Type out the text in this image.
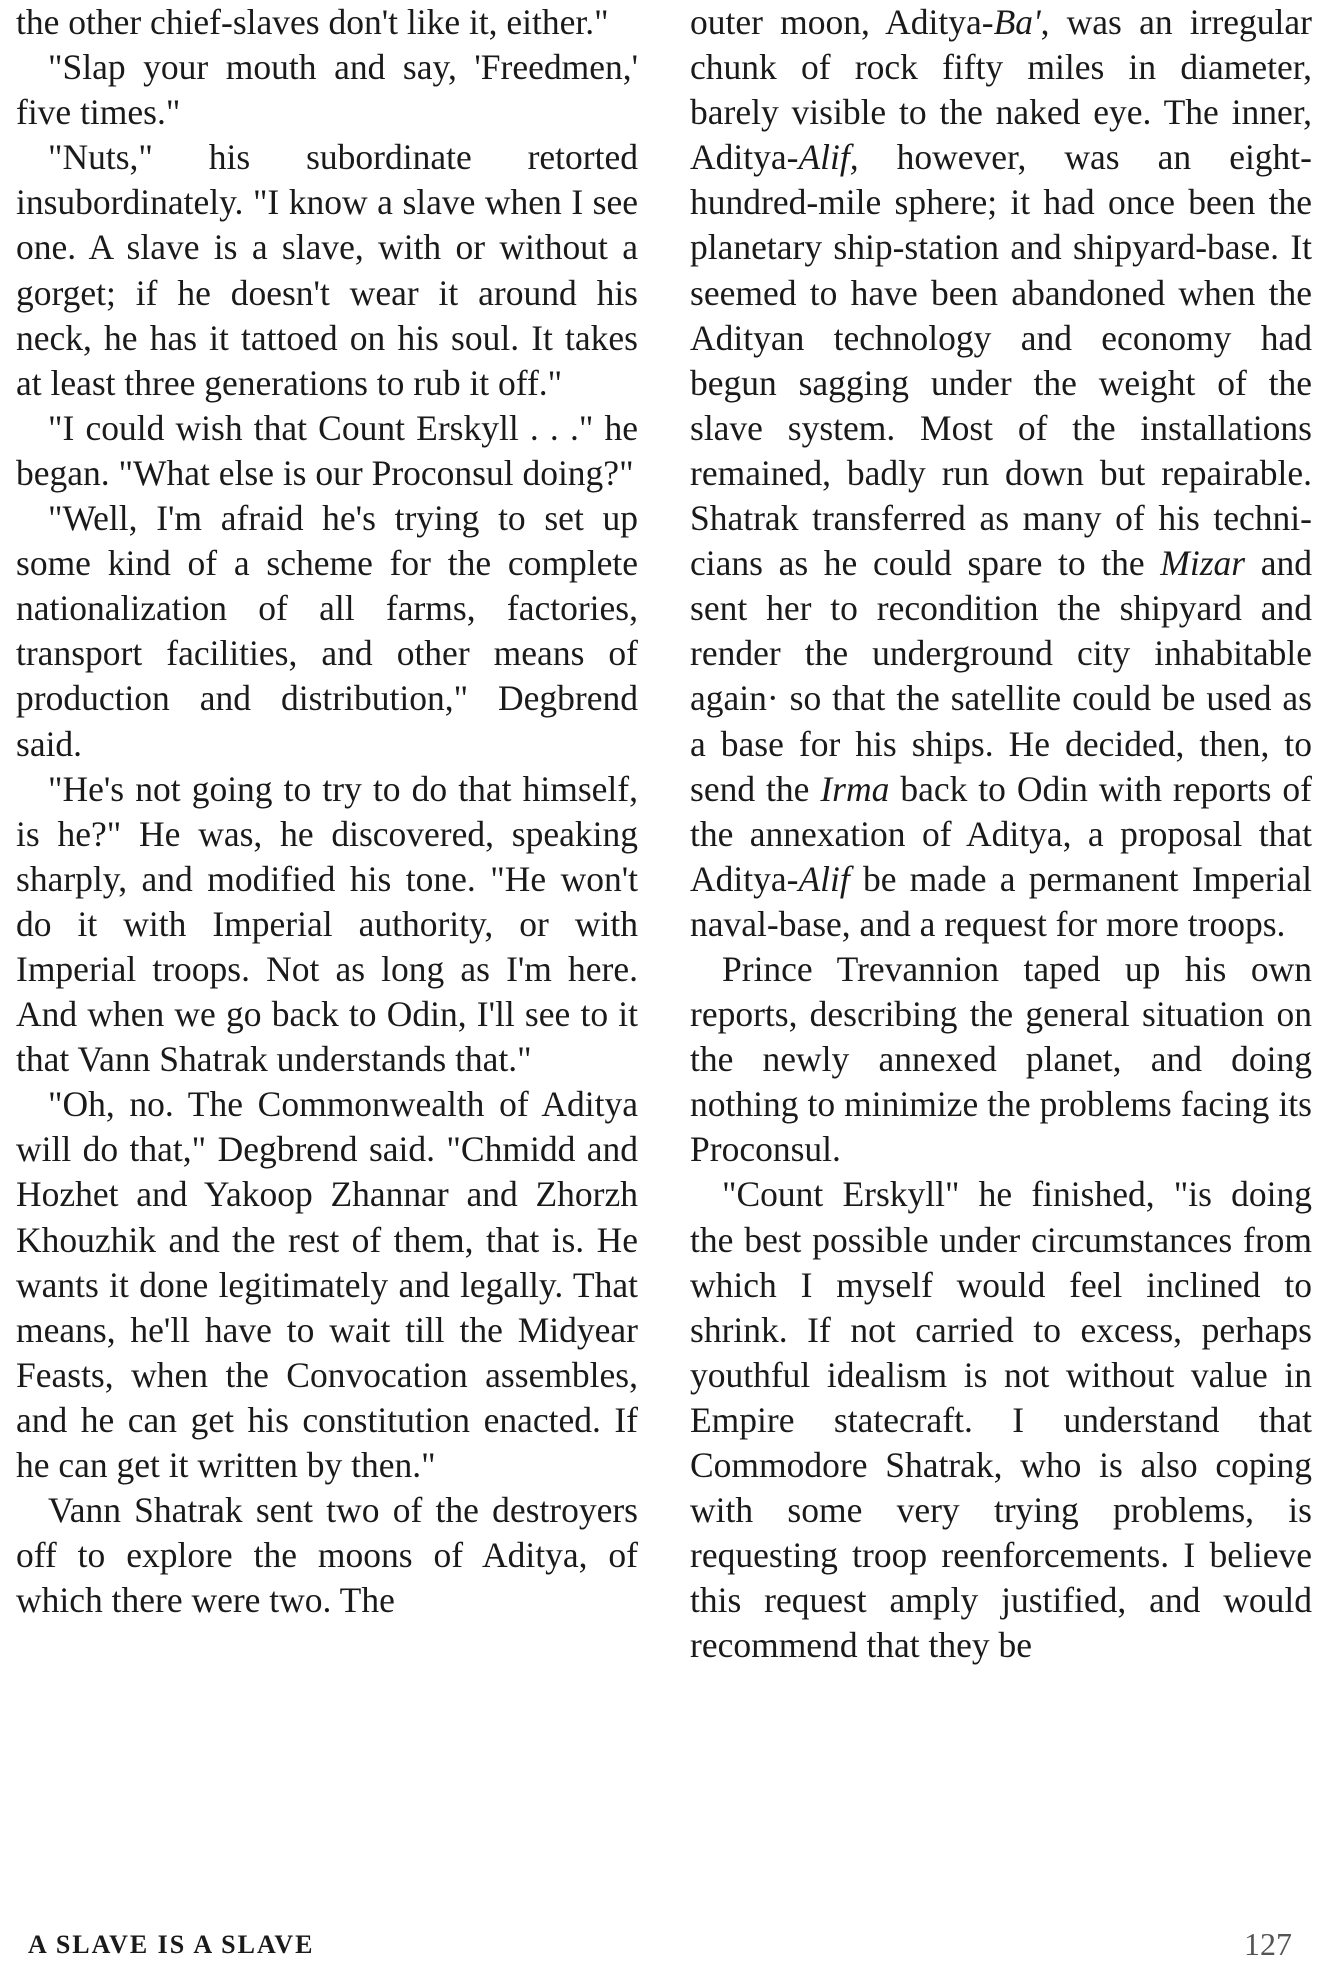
the other chief-slaves don't like it, either."

"Slap your mouth and say, 'Freedmen,' five times."

"Nuts," his subordinate retorted insubordinately. "I know a slave when I see one. A slave is a slave, with or without a gorget; if he doesn't wear it around his neck, he has it tattoed on his soul. It takes at least three generations to rub it off."

"I could wish that Count Erskyll . . ." he began. "What else is our Proconsul doing?"

"Well, I'm afraid he's trying to set up some kind of a scheme for the complete nationalization of all farms, factories, transport facilities, and other means of production and distribution," Degbrend said.

"He's not going to try to do that himself, is he?" He was, he discovered, speaking sharply, and modified his tone. "He won't do it with Imperial authority, or with Imperial troops. Not as long as I'm here. And when we go back to Odin, I'll see to it that Vann Shatrak understands that."

"Oh, no. The Commonwealth of Aditya will do that," Degbrend said. "Chmidd and Hozhet and Yakoop Zhannar and Zhorzh Khouzhik and the rest of them, that is. He wants it done legitimately and legally. That means, he'll have to wait till the Midyear Feasts, when the Convocation assembles, and he can get his constitution enacted. If he can get it written by then."

Vann Shatrak sent two of the destroyers off to explore the moons of Aditya, of which there were two. The

outer moon, Aditya-Ba', was an irregular chunk of rock fifty miles in diameter, barely visible to the naked eye. The inner, Aditya-Alif, however, was an eight-hundred-mile sphere; it had once been the planetary ship-station and shipyard-base. It seemed to have been abandoned when the Adityan technology and economy had begun sagging under the weight of the slave system. Most of the installations remained, badly run down but repairable. Shatrak transferred as many of his technicians as he could spare to the Mizar and sent her to recondition the shipyard and render the underground city inhabitable again· so that the satellite could be used as a base for his ships. He decided, then, to send the Irma back to Odin with reports of the annexation of Aditya, a proposal that Aditya-Alif be made a permanent Imperial naval-base, and a request for more troops.

Prince Trevannion taped up his own reports, describing the general situation on the newly annexed planet, and doing nothing to minimize the problems facing its Proconsul.

"Count Erskyll" he finished, "is doing the best possible under circumstances from which I myself would feel inclined to shrink. If not carried to excess, perhaps youthful idealism is not without value in Empire statecraft. I understand that Commodore Shatrak, who is also coping with some very trying problems, is requesting troop reenforcements. I believe this request amply justified, and would recommend that they be

A SLAVE IS A SLAVE	127
